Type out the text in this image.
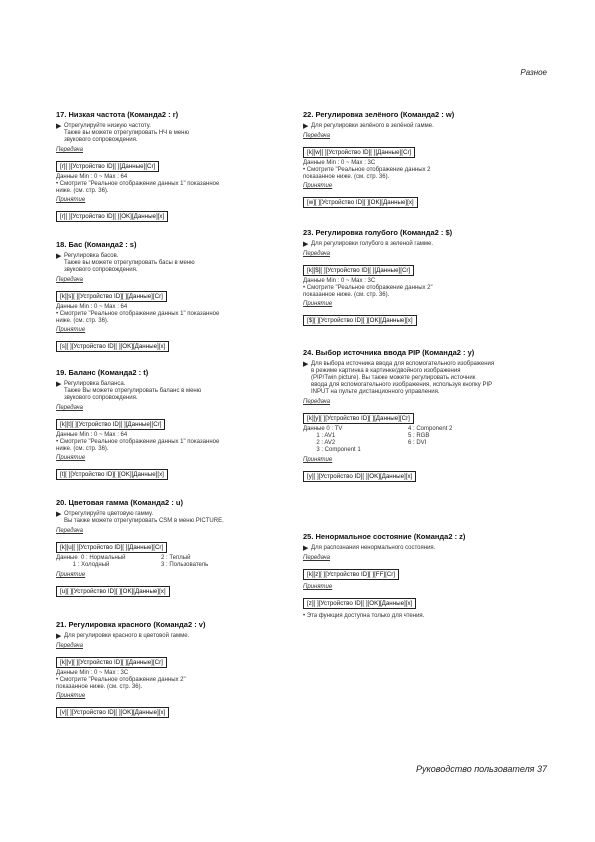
Разное
17. Низкая частота (Команда2 : r)
▶ Отрегулируйте низкую частоту.
Также вы можете отрегулировать НЧ в меню
звукового сопровождения.
Передача
[r][ ][Устройство ID][ ][Данные][Cr]
Данные Min : 0 ~ Max : 64
• Смотрите "Реальное отображение данных 1" показанное
ниже. (см. стр. 36).
Принятие
[r][ ][Устройство ID][ ][OK][Данные][x]
18. Бас (Команда2 : s)
▶ Регулировка басов.
Также вы можете отрегулировать басы в меню
звукового сопровождения.
Передача
[k][s][ ][Устройство ID][ ][Данные][Cr]
Данные Min : 0 ~ Max : 64
• Смотрите "Реальное отображение данных 1" показанное
ниже. (см. стр. 36).
Принятие
[s][ ][Устройство ID][ ][OK][Данные][x]
19. Баланс (Команда2 : t)
▶ Регулировка баланса.
Также Вы можете отрегулировать баланс в меню
звукового сопровождения.
Передача
[k][t][ ][Устройство ID][ ][Данные][Cr]
Данные Min : 0 ~ Max : 64
• Смотрите "Реальное отображение данных 1" показанное
ниже. (см. стр. 36).
Принятие
[t][ ][Устройство ID][ ][OK][Данные][x]
20. Цветовая гамма (Команда2 : u)
▶ Отрегулируйте цветовую гамму.
Вы также можете отрегулировать CSM в меню PICTURE.
Передача
[k][u][ ][Устройство ID][ ][Данные][Cr]
Данные  0 : Нормальный	2 : Теплый
1 : Холодный	3 : Пользователь
Принятие
[u][ ][Устройство ID][ ][OK][Данные][x]
21. Регулировка красного (Команда2 : v)
▶ Для регулировки красного в цветовой гамме.
Передача
[k][v][ ][Устройство ID][ ][Данные][Cr]
Данные Min : 0 ~ Max : 3C
• Смотрите "Реальное отображение данных 2"
показанное ниже. (см. стр. 36).
Принятие
[v][ ][Устройство ID][ ][OK][Данные][x]
22. Регулировка зелёного (Команда2 : w)
▶ Для регулировки зелёного в зелёной гамме.
Передача
[k][w][ ][Устройство ID][ ][Данные][Cr]
Данные Min : 0 ~ Max : 3C
• Смотрите "Реальное отображение данных 2
показанное ниже. (см. стр. 36).
Принятие
[w][ ][Устройство ID][ ][OK][Данные][x]
23. Регулировка голубого (Команда2 : $)
▶ Для регулировки голубого в зеленой гамме.
Передача
[k][$][ ][Устройство ID][ ][Данные][Cr]
Данные Min : 0 ~ Max : 3C
• Смотрите "Реальное отображение данных 2"
показанное ниже. (см. стр. 36).
Принятие
[$][ ][Устройство ID][ ][OK][Данные][x]
24. Выбор источника ввода PIP (Команда2 : y)
▶ Для выбора источника ввода для вспомогательного изображения
в режиме картинка в картинке/двойного изображения
(PIP/Twin picture). Вы также можете регулировать источник
ввода для вспомогательного изображения, используя кнопку PIP
INPUT на пульте дистанционного управления.
Передача
[k][y][ ][Устройство ID][ ][Данные][Cr]
Данные 0 : TV	4 : Component 2
1 : AV1	5 : RGB
2 : AV2	6 : DVI
3 : Component 1
Принятие
[y][ ][Устройство ID][ ][OK][Данные][x]
25. Ненормальное состояние (Команда2 : z)
▶ Для распознания ненормального состояния.
Передача
[k][z][ ][Устройство ID][ ][FF][Cr]
Принятие
[z][ ][Устройство ID][ ][OK][Данные][x]
• Эта функция доступна только для чтения.
Руководство пользователя 37
